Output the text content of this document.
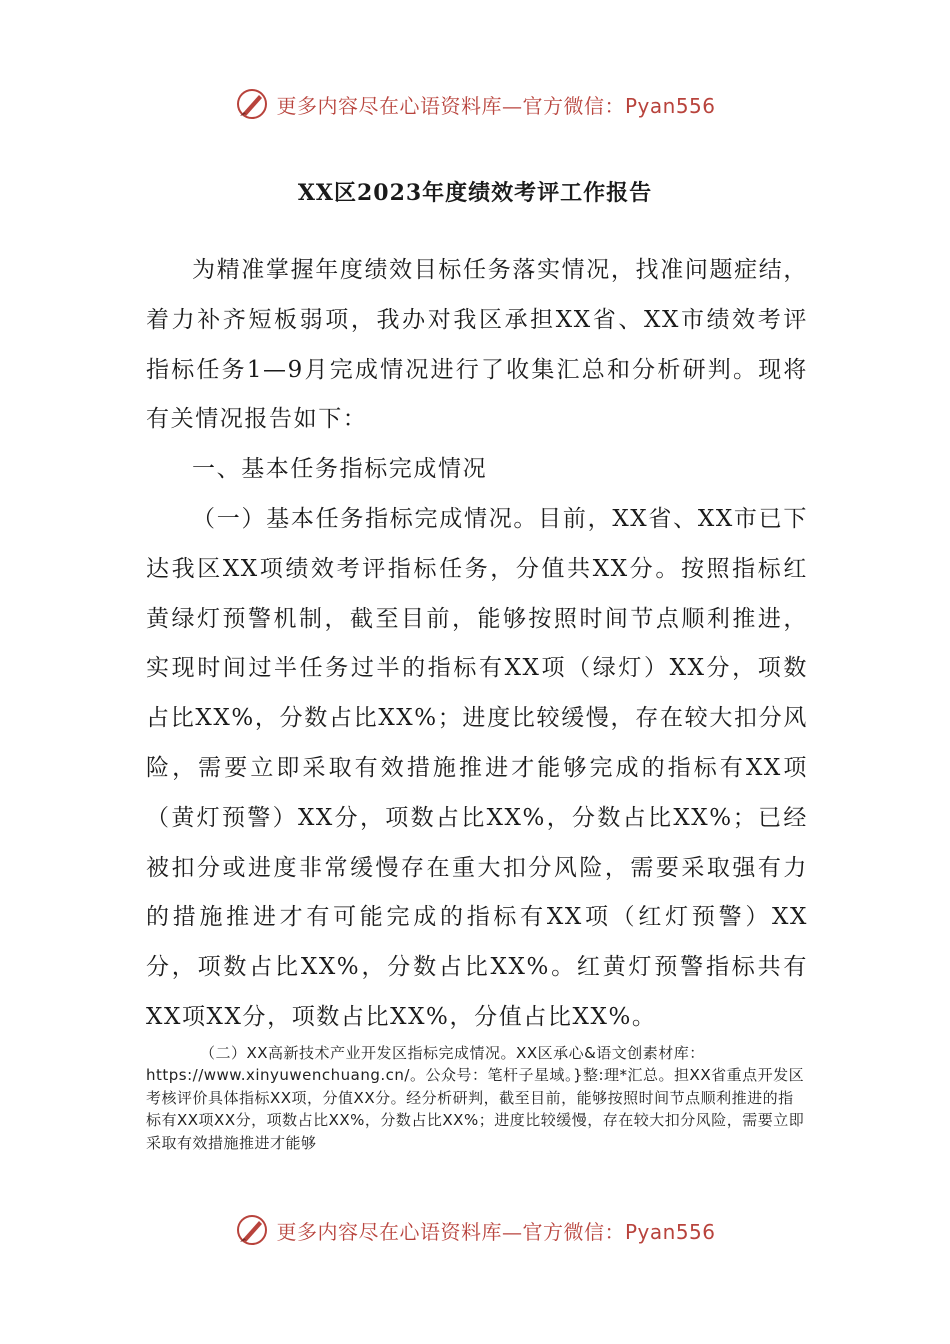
更多内容尽在心语资料库—官方微信：Pyan556
XX区2023年度绩效考评工作报告

为精准掌握年度绩效目标任务落实情况，找准问题症结，着力补齐短板弱项，我办对我区承担XX省、XX市绩效考评指标任务1—9月完成情况进行了收集汇总和分析研判。现将有关情况报告如下：

一、基本任务指标完成情况

（一）基本任务指标完成情况。目前，XX省、XX市已下达我区XX项绩效考评指标任务，分值共XX分。按照指标红黄绿灯预警机制，截至目前，能够按照时间节点顺利推进，实现时间过半任务过半的指标有XX项（绿灯）XX分，项数占比XX%，分数占比XX%；进度比较缓慢，存在较大扣分风险，需要立即采取有效措施推进才能够完成的指标有XX项（黄灯预警）XX分，项数占比XX%，分数占比XX%；已经被扣分或进度非常缓慢存在重大扣分风险，需要采取强有力的措施推进才有可能完成的指标有XX项（红灯预警）XX分，项数占比XX%，分数占比XX%。红黄灯预警指标共有XX项XX分，项数占比XX%，分值占比XX%。

（二）XX高新技术产业开发区指标完成情况。XX区承心&语文创素材库：https://www.xinyuwenchuang.cn/。公众号：笔杆子星域。}整:理*汇总。担XX省重点开发区考核评价具体指标XX项，分值XX分。经分析研判，截至目前，能够按照时间节点顺利推进的指标有XX项XX分，项数占比XX%，分数占比XX%；进度比较缓慢，存在较大扣分风险，需要立即采取有效措施推进才能够

更多内容尽在心语资料库—官方微信：Pyan556
